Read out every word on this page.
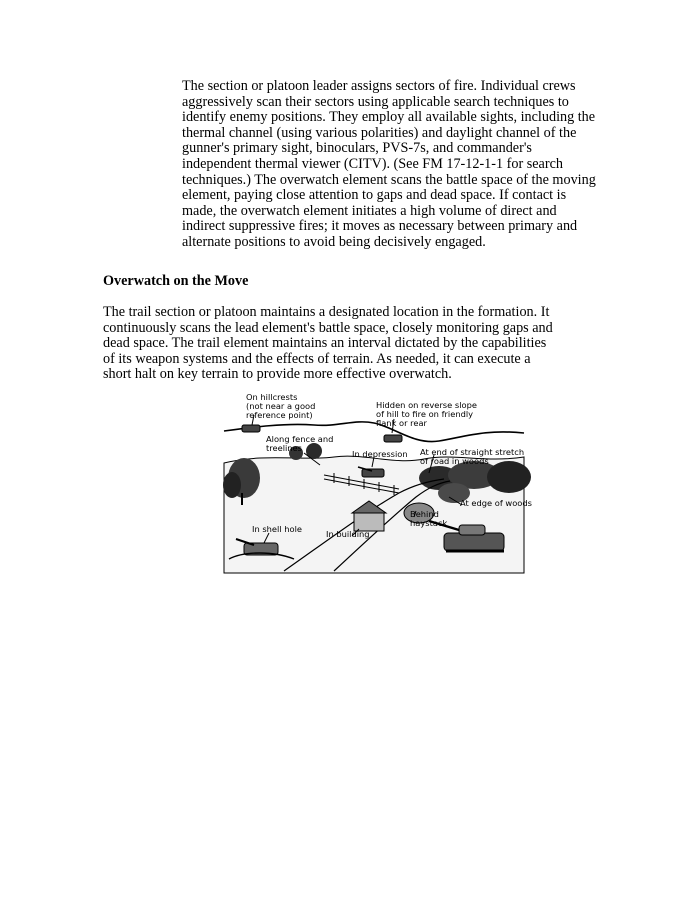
The section or platoon leader assigns sectors of fire. Individual crews aggressively scan their sectors using applicable search techniques to identify enemy positions. They employ all available sights, including the thermal channel (using various polarities) and daylight channel of the gunner's primary sight, binoculars, PVS-7s, and commander's independent thermal viewer (CITV). (See FM 17-12-1-1 for search techniques.) The overwatch element scans the battle space of the moving element, paying close attention to gaps and dead space. If contact is made, the overwatch element initiates a high volume of direct and indirect suppressive fires; it moves as necessary between primary and alternate positions to avoid being decisively engaged.

Overwatch on the Move

The trail section or platoon maintains a designated location in the formation. It continuously scans the lead element's battle space, closely monitoring gaps and dead space. The trail element maintains an interval dictated by the capabilities of its weapon systems and the effects of terrain. As needed, it can execute a short halt on key terrain to provide more effective overwatch.

On hillcrests
(not near a good
reference point)
Hidden on reverse slope
of hill to fire on friendly
flank or rear
Along fence and
treelines
In depression At end of straight stretch
of road in woods
At edge of woods
Behind
haystack
In building
In shell hole
